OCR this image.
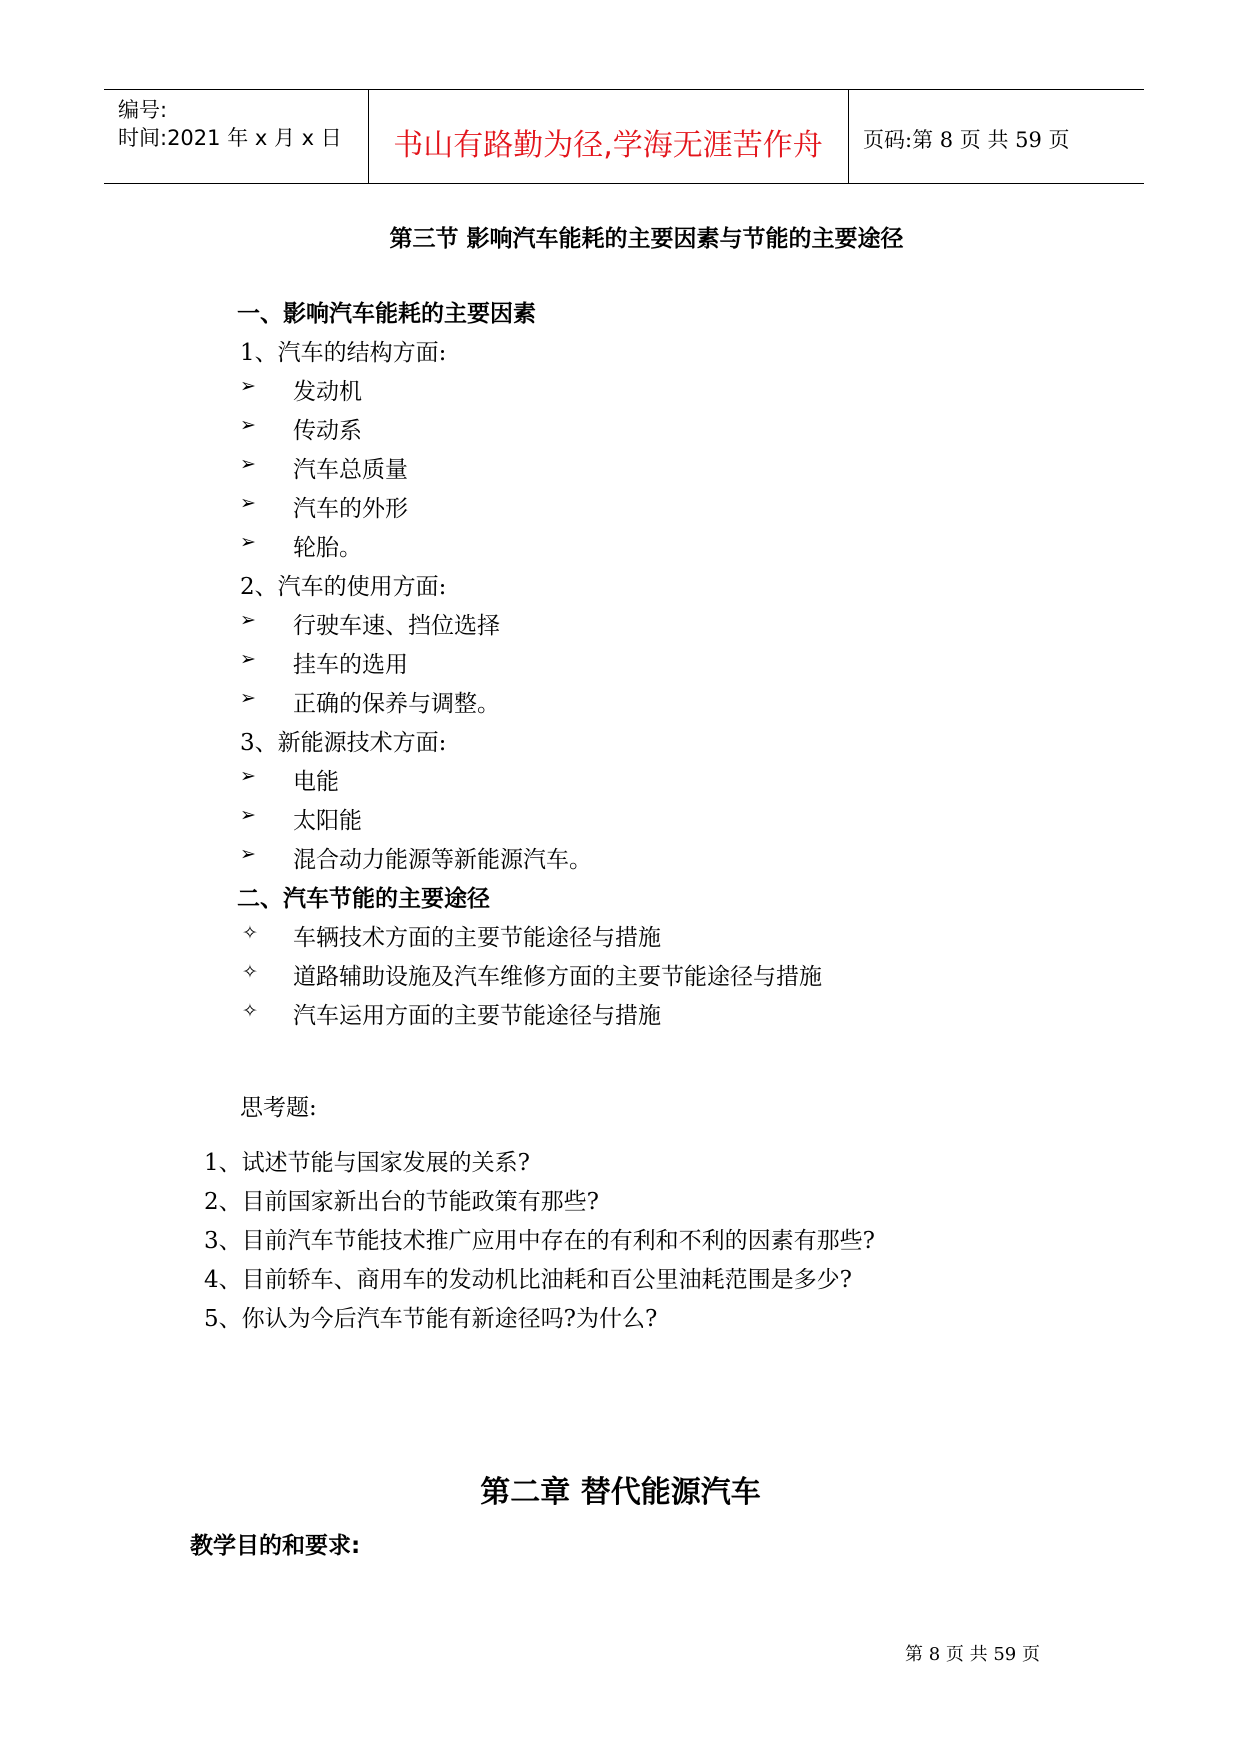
编号:
时间:2021 年 x 月 x 日	书山有路勤为径,学海无涯苦作舟	页码:第 8 页 共 59 页
第三节 影响汽车能耗的主要因素与节能的主要途径
一、影响汽车能耗的主要因素
1、汽车的结构方面:
➢ 发动机
➢ 传动系
➢ 汽车总质量
➢ 汽车的外形
➢ 轮胎。
2、汽车的使用方面:
➢ 行驶车速、挡位选择
➢ 挂车的选用
➢ 正确的保养与调整。
3、新能源技术方面:
➢ 电能
➢ 太阳能
➢ 混合动力能源等新能源汽车。
二、汽车节能的主要途径
✧ 车辆技术方面的主要节能途径与措施
✧ 道路辅助设施及汽车维修方面的主要节能途径与措施
✧ 汽车运用方面的主要节能途径与措施
思考题:
1、试述节能与国家发展的关系?
2、目前国家新出台的节能政策有那些?
3、目前汽车节能技术推广应用中存在的有利和不利的因素有那些?
4、目前轿车、商用车的发动机比油耗和百公里油耗范围是多少?
5、你认为今后汽车节能有新途径吗?为什么?
第二章 替代能源汽车
教学目的和要求:
第 8 页 共 59 页
